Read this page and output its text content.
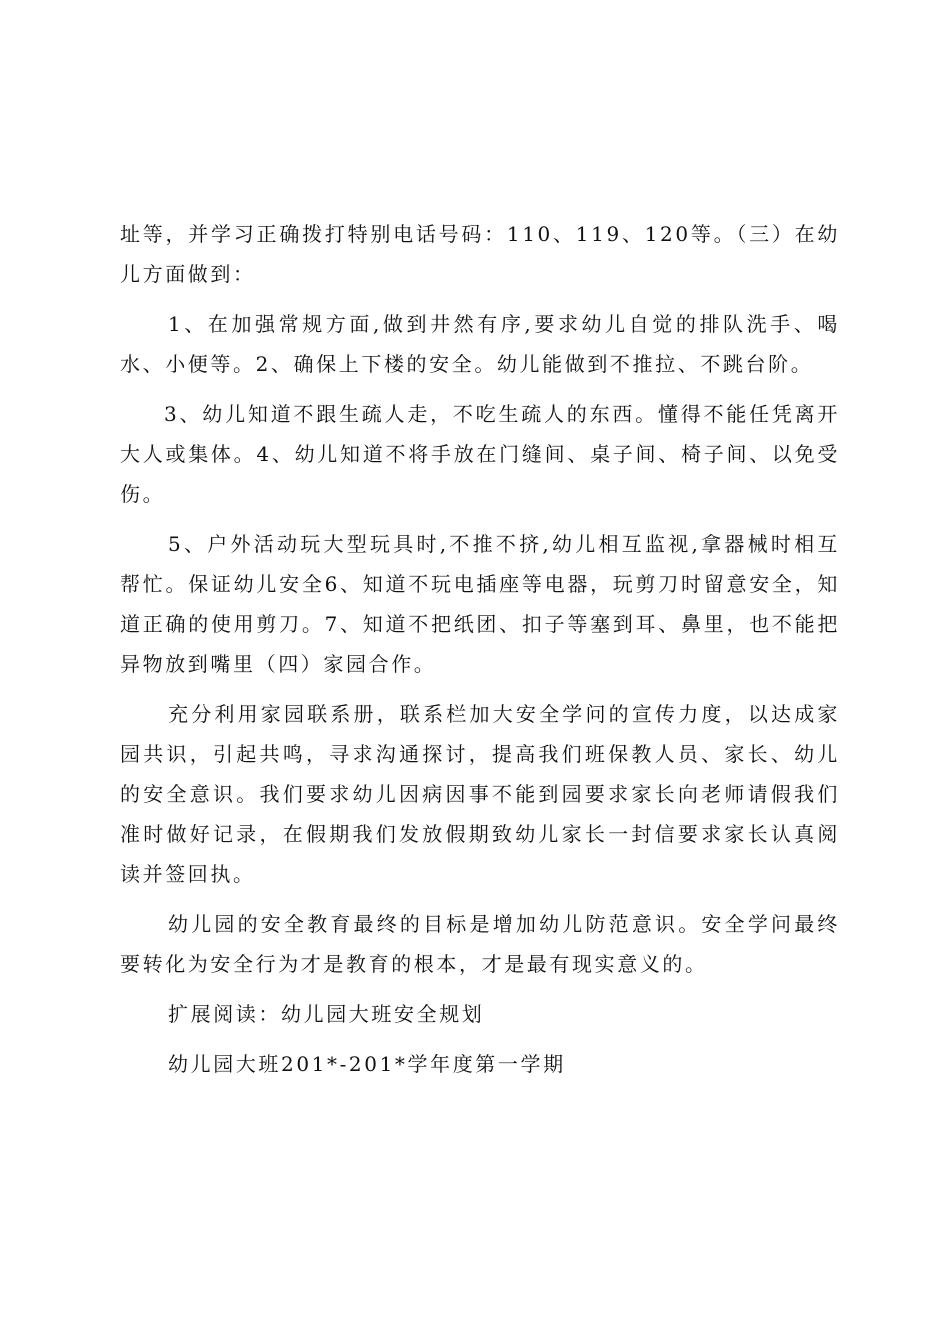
址等，并学习正确拨打特别电话号码：110、119、120等。（三）在幼儿方面做到：

1、在加强常规方面,做到井然有序,要求幼儿自觉的排队洗手、喝水、小便等。2、确保上下楼的安全。幼儿能做到不推拉、不跳台阶。

3、幼儿知道不跟生疏人走，不吃生疏人的东西。懂得不能任凭离开大人或集体。4、幼儿知道不将手放在门缝间、桌子间、椅子间、以免受伤。

5、户外活动玩大型玩具时,不推不挤,幼儿相互监视,拿器械时相互帮忙。保证幼儿安全6、知道不玩电插座等电器，玩剪刀时留意安全，知道正确的使用剪刀。7、知道不把纸团、扣子等塞到耳、鼻里，也不能把异物放到嘴里（四）家园合作。

充分利用家园联系册，联系栏加大安全学问的宣传力度，以达成家园共识，引起共鸣，寻求沟通探讨，提高我们班保教人员、家长、幼儿的安全意识。我们要求幼儿因病因事不能到园要求家长向老师请假我们准时做好记录，在假期我们发放假期致幼儿家长一封信要求家长认真阅读并签回执。

幼儿园的安全教育最终的目标是增加幼儿防范意识。安全学问最终要转化为安全行为才是教育的根本，才是最有现实意义的。

扩展阅读：幼儿园大班安全规划

幼儿园大班201*-201*学年度第一学期
